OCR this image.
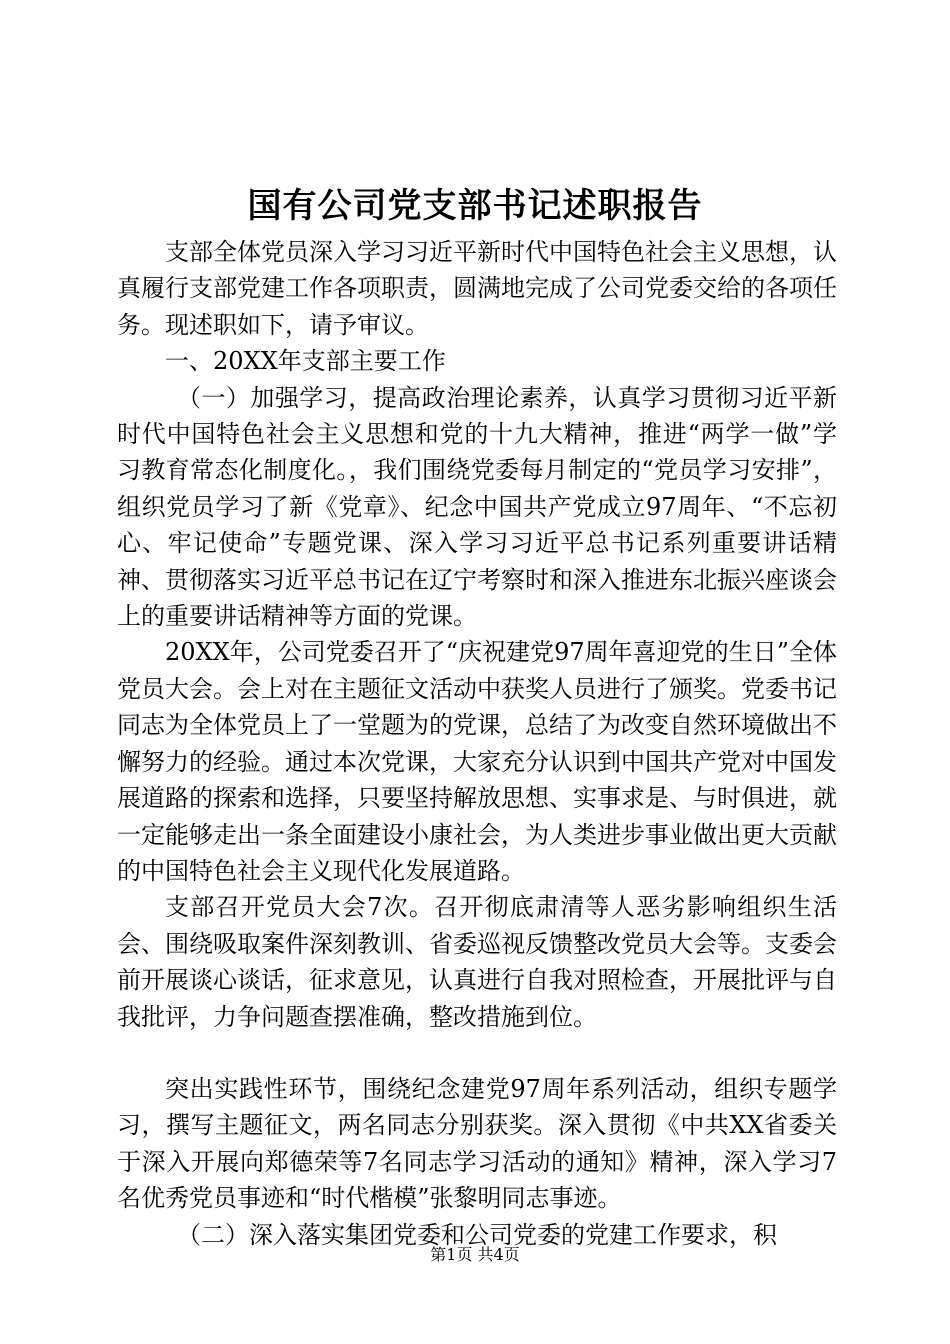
国有公司党支部书记述职报告

支部全体党员深入学习习近平新时代中国特色社会主义思想，认真履行支部党建工作各项职责，圆满地完成了公司党委交给的各项任务。现述职如下，请予审议。

一、20XX年支部主要工作

（一）加强学习，提高政治理论素养，认真学习贯彻习近平新时代中国特色社会主义思想和党的十九大精神，推进“两学一做”学习教育常态化制度化。，我们围绕党委每月制定的“党员学习安排”，组织党员学习了新《党章》、纪念中国共产党成立97周年、“不忘初心、牢记使命”专题党课、深入学习习近平总书记系列重要讲话精神、贯彻落实习近平总书记在辽宁考察时和深入推进东北振兴座谈会上的重要讲话精神等方面的党课。

20XX年，公司党委召开了“庆祝建党97周年喜迎党的生日”全体党员大会。会上对在主题征文活动中获奖人员进行了颁奖。党委书记同志为全体党员上了一堂题为的党课，总结了为改变自然环境做出不懈努力的经验。通过本次党课，大家充分认识到中国共产党对中国发展道路的探索和选择，只要坚持解放思想、实事求是、与时俱进，就一定能够走出一条全面建设小康社会，为人类进步事业做出更大贡献的中国特色社会主义现代化发展道路。

支部召开党员大会7次。召开彻底肃清等人恶劣影响组织生活会、围绕吸取案件深刻教训、省委巡视反馈整改党员大会等。支委会前开展谈心谈话，征求意见，认真进行自我对照检查，开展批评与自我批评，力争问题查摆准确，整改措施到位。

突出实践性环节，围绕纪念建党97周年系列活动，组织专题学习，撰写主题征文，两名同志分别获奖。深入贯彻《中共XX省委关于深入开展向郑德荣等7名同志学习活动的通知》精神，深入学习7名优秀党员事迹和“时代楷模”张黎明同志事迹。

（二）深入落实集团党委和公司党委的党建工作要求，积

第1页 共4页
